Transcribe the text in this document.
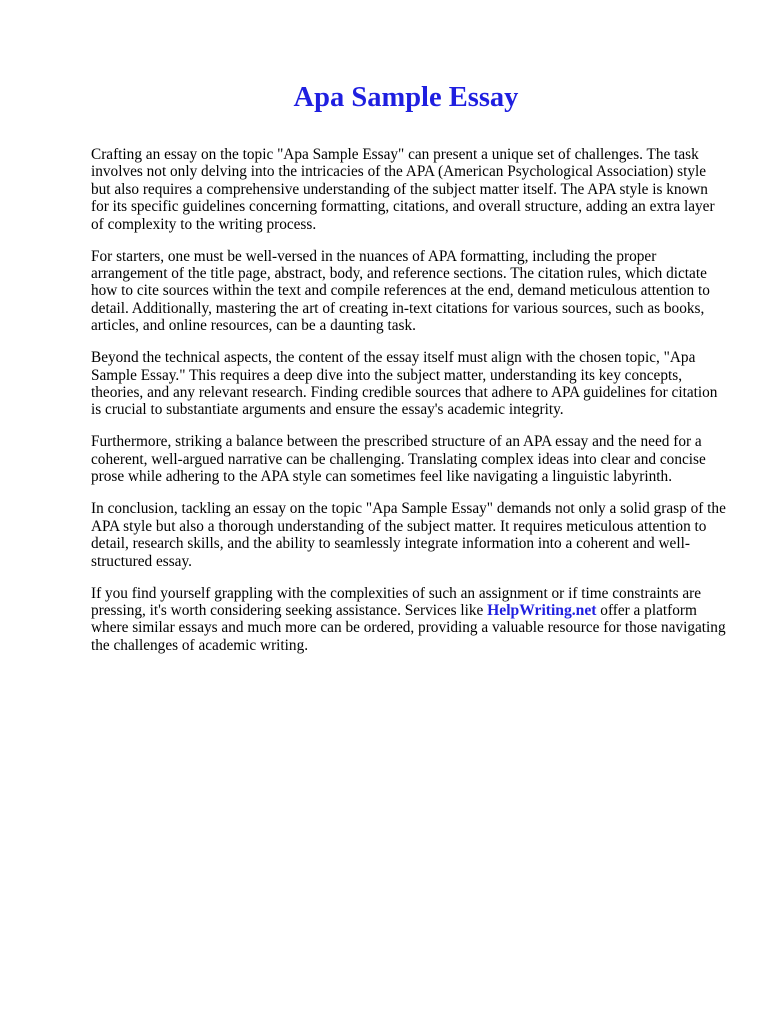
Apa Sample Essay

Crafting an essay on the topic "Apa Sample Essay" can present a unique set of challenges. The task involves not only delving into the intricacies of the APA (American Psychological Association) style but also requires a comprehensive understanding of the subject matter itself. The APA style is known for its specific guidelines concerning formatting, citations, and overall structure, adding an extra layer of complexity to the writing process.

For starters, one must be well-versed in the nuances of APA formatting, including the proper arrangement of the title page, abstract, body, and reference sections. The citation rules, which dictate how to cite sources within the text and compile references at the end, demand meticulous attention to detail. Additionally, mastering the art of creating in-text citations for various sources, such as books, articles, and online resources, can be a daunting task.

Beyond the technical aspects, the content of the essay itself must align with the chosen topic, "Apa Sample Essay." This requires a deep dive into the subject matter, understanding its key concepts, theories, and any relevant research. Finding credible sources that adhere to APA guidelines for citation is crucial to substantiate arguments and ensure the essay's academic integrity.

Furthermore, striking a balance between the prescribed structure of an APA essay and the need for a coherent, well-argued narrative can be challenging. Translating complex ideas into clear and concise prose while adhering to the APA style can sometimes feel like navigating a linguistic labyrinth.

In conclusion, tackling an essay on the topic "Apa Sample Essay" demands not only a solid grasp of the APA style but also a thorough understanding of the subject matter. It requires meticulous attention to detail, research skills, and the ability to seamlessly integrate information into a coherent and well-structured essay.

If you find yourself grappling with the complexities of such an assignment or if time constraints are pressing, it's worth considering seeking assistance. Services like HelpWriting.net offer a platform where similar essays and much more can be ordered, providing a valuable resource for those navigating the challenges of academic writing.
